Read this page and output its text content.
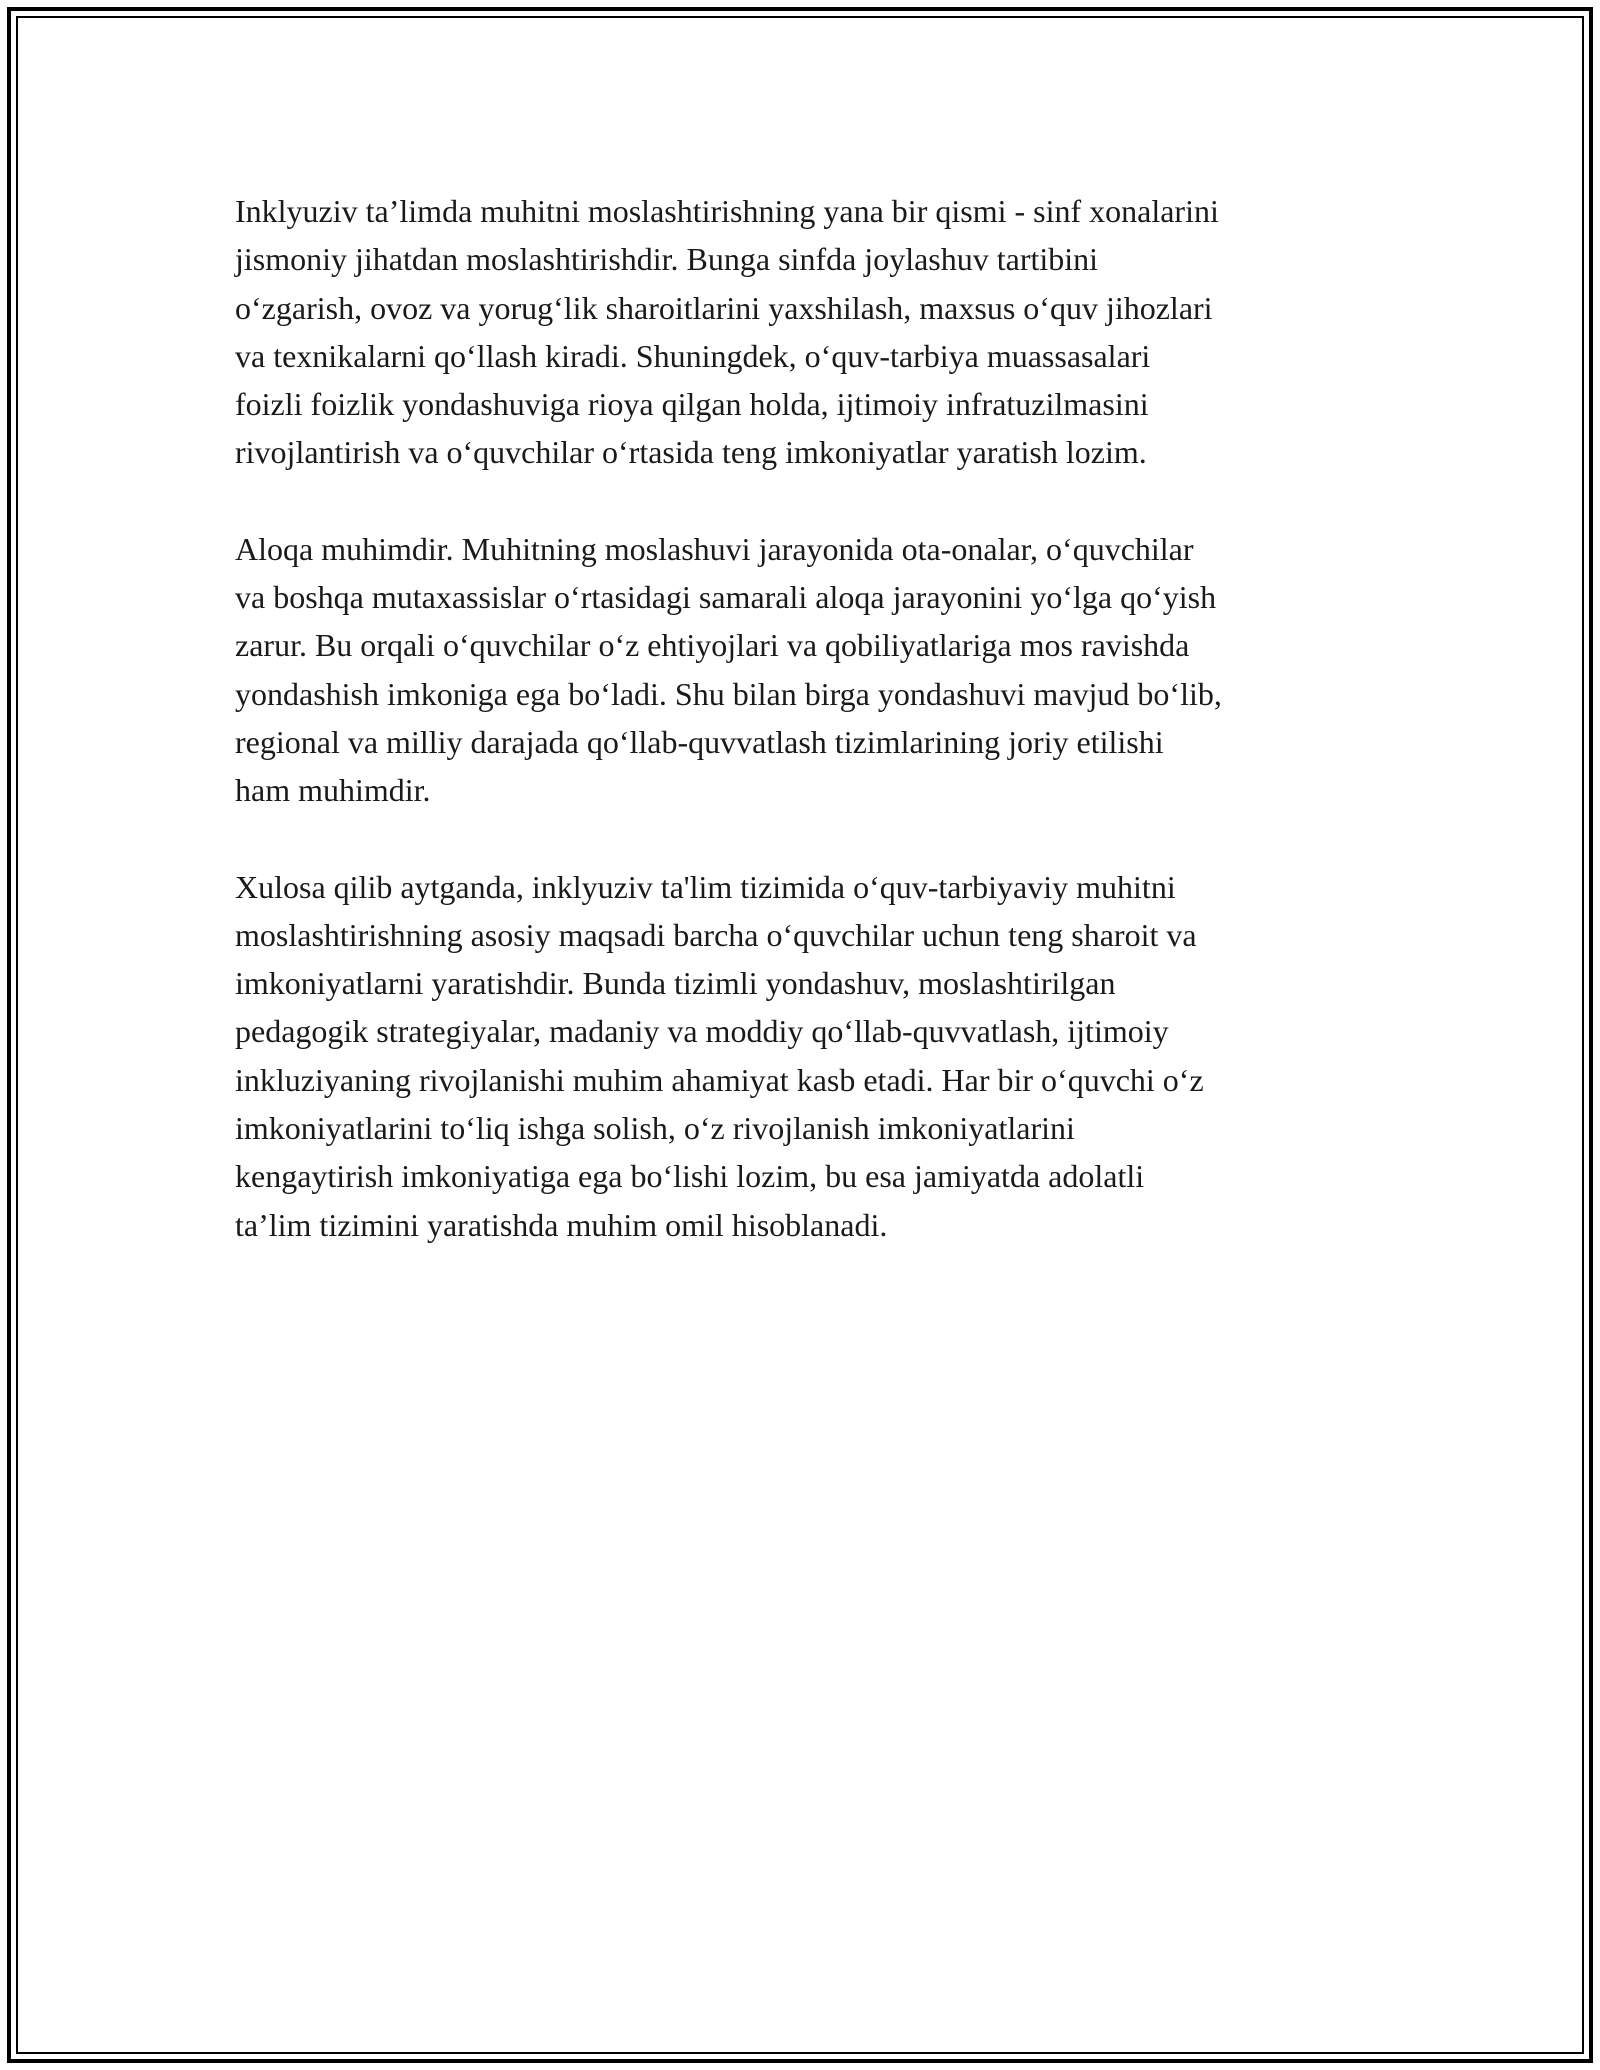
Inklyuziv ta’limda muhitni moslashtirishning yana bir qismi - sinf xonalarini
jismoniy jihatdan moslashtirishdir. Bunga sinfda joylashuv tartibini
o‘zgarish, ovoz va yorug‘lik sharoitlarini yaxshilash, maxsus o‘quv jihozlari
va texnikalarni qo‘llash kiradi. Shuningdek, o‘quv-tarbiya muassasalari
foizli foizlik yondashuviga rioya qilgan holda, ijtimoiy infratuzilmasini
rivojlantirish va o‘quvchilar o‘rtasida teng imkoniyatlar yaratish lozim.

Aloqa muhimdir. Muhitning moslashuvi jarayonida ota-onalar, o‘quvchilar
va boshqa mutaxassislar o‘rtasidagi samarali aloqa jarayonini yo‘lga qo‘yish
zarur. Bu orqali o‘quvchilar o‘z ehtiyojlari va qobiliyatlariga mos ravishda
yondashish imkoniga ega bo‘ladi. Shu bilan birga yondashuvi mavjud bo‘lib,
regional va milliy darajada qo‘llab-quvvatlash tizimlarining joriy etilishi
ham muhimdir.

Xulosa qilib aytganda, inklyuziv ta'lim tizimida o‘quv-tarbiyaviy muhitni
moslashtirishning asosiy maqsadi barcha o‘quvchilar uchun teng sharoit va
imkoniyatlarni yaratishdir. Bunda tizimli yondashuv, moslashtirilgan
pedagogik strategiyalar, madaniy va moddiy qo‘llab-quvvatlash, ijtimoiy
inkluziyaning rivojlanishi muhim ahamiyat kasb etadi. Har bir o‘quvchi o‘z
imkoniyatlarini to‘liq ishga solish, o‘z rivojlanish imkoniyatlarini
kengaytirish imkoniyatiga ega bo‘lishi lozim, bu esa jamiyatda adolatli
ta’lim tizimini yaratishda muhim omil hisoblanadi.
